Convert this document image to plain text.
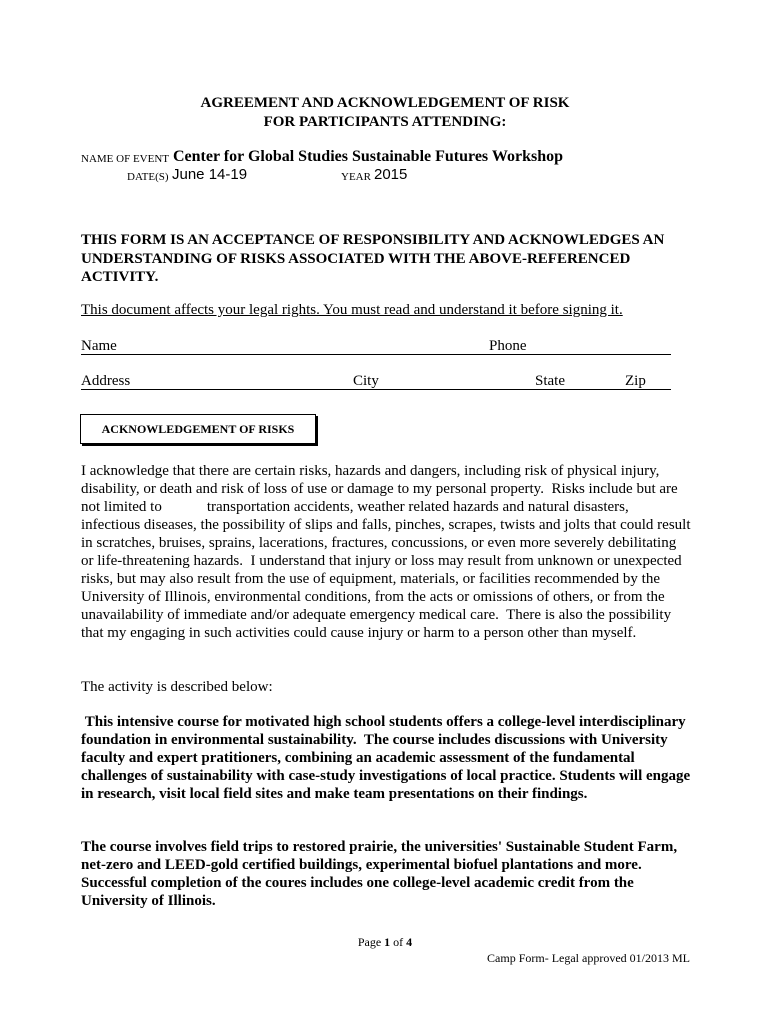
AGREEMENT AND ACKNOWLEDGEMENT OF RISK
FOR PARTICIPANTS ATTENDING:
NAME OF EVENT Center for Global Studies Sustainable Futures Workshop
DATE(S) June 14-19	YEAR 2015
THIS FORM IS AN ACCEPTANCE OF RESPONSIBILITY AND ACKNOWLEDGES AN UNDERSTANDING OF RISKS ASSOCIATED WITH THE ABOVE-REFERENCED ACTIVITY.
This document affects your legal rights. You must read and understand it before signing it.
Name	Phone
Address	City	State	Zip
ACKNOWLEDGEMENT OF RISKS
I acknowledge that there are certain risks, hazards and dangers, including risk of physical injury, disability, or death and risk of loss of use or damage to my personal property.  Risks include but are not limited to            transportation accidents, weather related hazards and natural disasters, infectious diseases, the possibility of slips and falls, pinches, scrapes, twists and jolts that could result in scratches, bruises, sprains, lacerations, fractures, concussions, or even more severely debilitating or life-threatening hazards.  I understand that injury or loss may result from unknown or unexpected risks, but may also result from the use of equipment, materials, or facilities recommended by the University of Illinois, environmental conditions, from the acts or omissions of others, or from the unavailability of immediate and/or adequate emergency medical care.  There is also the possibility that my engaging in such activities could cause injury or harm to a person other than myself.
The activity is described below:
This intensive course for motivated high school students offers a college-level interdisciplinary foundation in environmental sustainability.  The course includes discussions with University faculty and expert pratitioners, combining an academic assessment of the fundamental challenges of sustainability with case-study investigations of local practice. Students will engage in research, visit local field sites and make team presentations on their findings.
The course involves field trips to restored prairie, the universities' Sustainable Student Farm, net-zero and LEED-gold certified buildings, experimental biofuel plantations and more. Successful completion of the coures includes one college-level academic credit from the University of Illinois.
Page 1 of 4
Camp Form- Legal approved 01/2013 ML
